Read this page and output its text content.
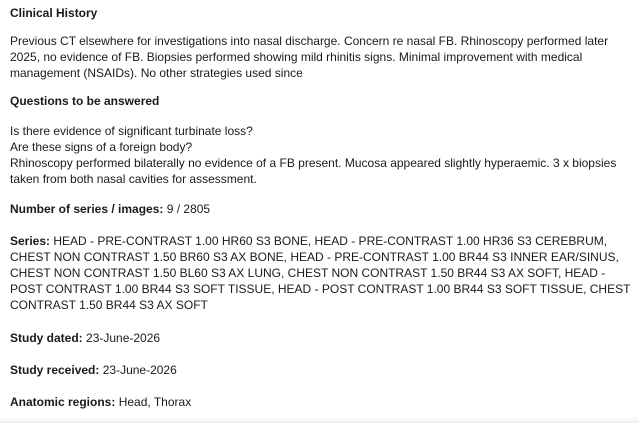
Clinical History
Previous CT elsewhere for investigations into nasal discharge. Concern re nasal FB. Rhinoscopy performed later 2025, no evidence of FB. Biopsies performed showing mild rhinitis signs. Minimal improvement with medical management (NSAIDs). No other strategies used since
Questions to be answered
Is there evidence of significant turbinate loss?
Are these signs of a foreign body?
Rhinoscopy performed bilaterally no evidence of a FB present. Mucosa appeared slightly hyperaemic. 3 x biopsies taken from both nasal cavities for assessment.
Number of series / images: 9 / 2805
Series: HEAD - PRE-CONTRAST 1.00 HR60 S3 BONE, HEAD - PRE-CONTRAST 1.00 HR36 S3 CEREBRUM, CHEST NON CONTRAST 1.50 BR60 S3 AX BONE, HEAD - PRE-CONTRAST 1.00 BR44 S3 INNER EAR/SINUS, CHEST NON CONTRAST 1.50 BL60 S3 AX LUNG, CHEST NON CONTRAST 1.50 BR44 S3 AX SOFT, HEAD - POST CONTRAST 1.00 BR44 S3 SOFT TISSUE, HEAD - POST CONTRAST 1.00 BR44 S3 SOFT TISSUE, CHEST CONTRAST 1.50 BR44 S3 AX SOFT
Study dated: 23-June-2026
Study received: 23-June-2026
Anatomic regions: Head, Thorax
